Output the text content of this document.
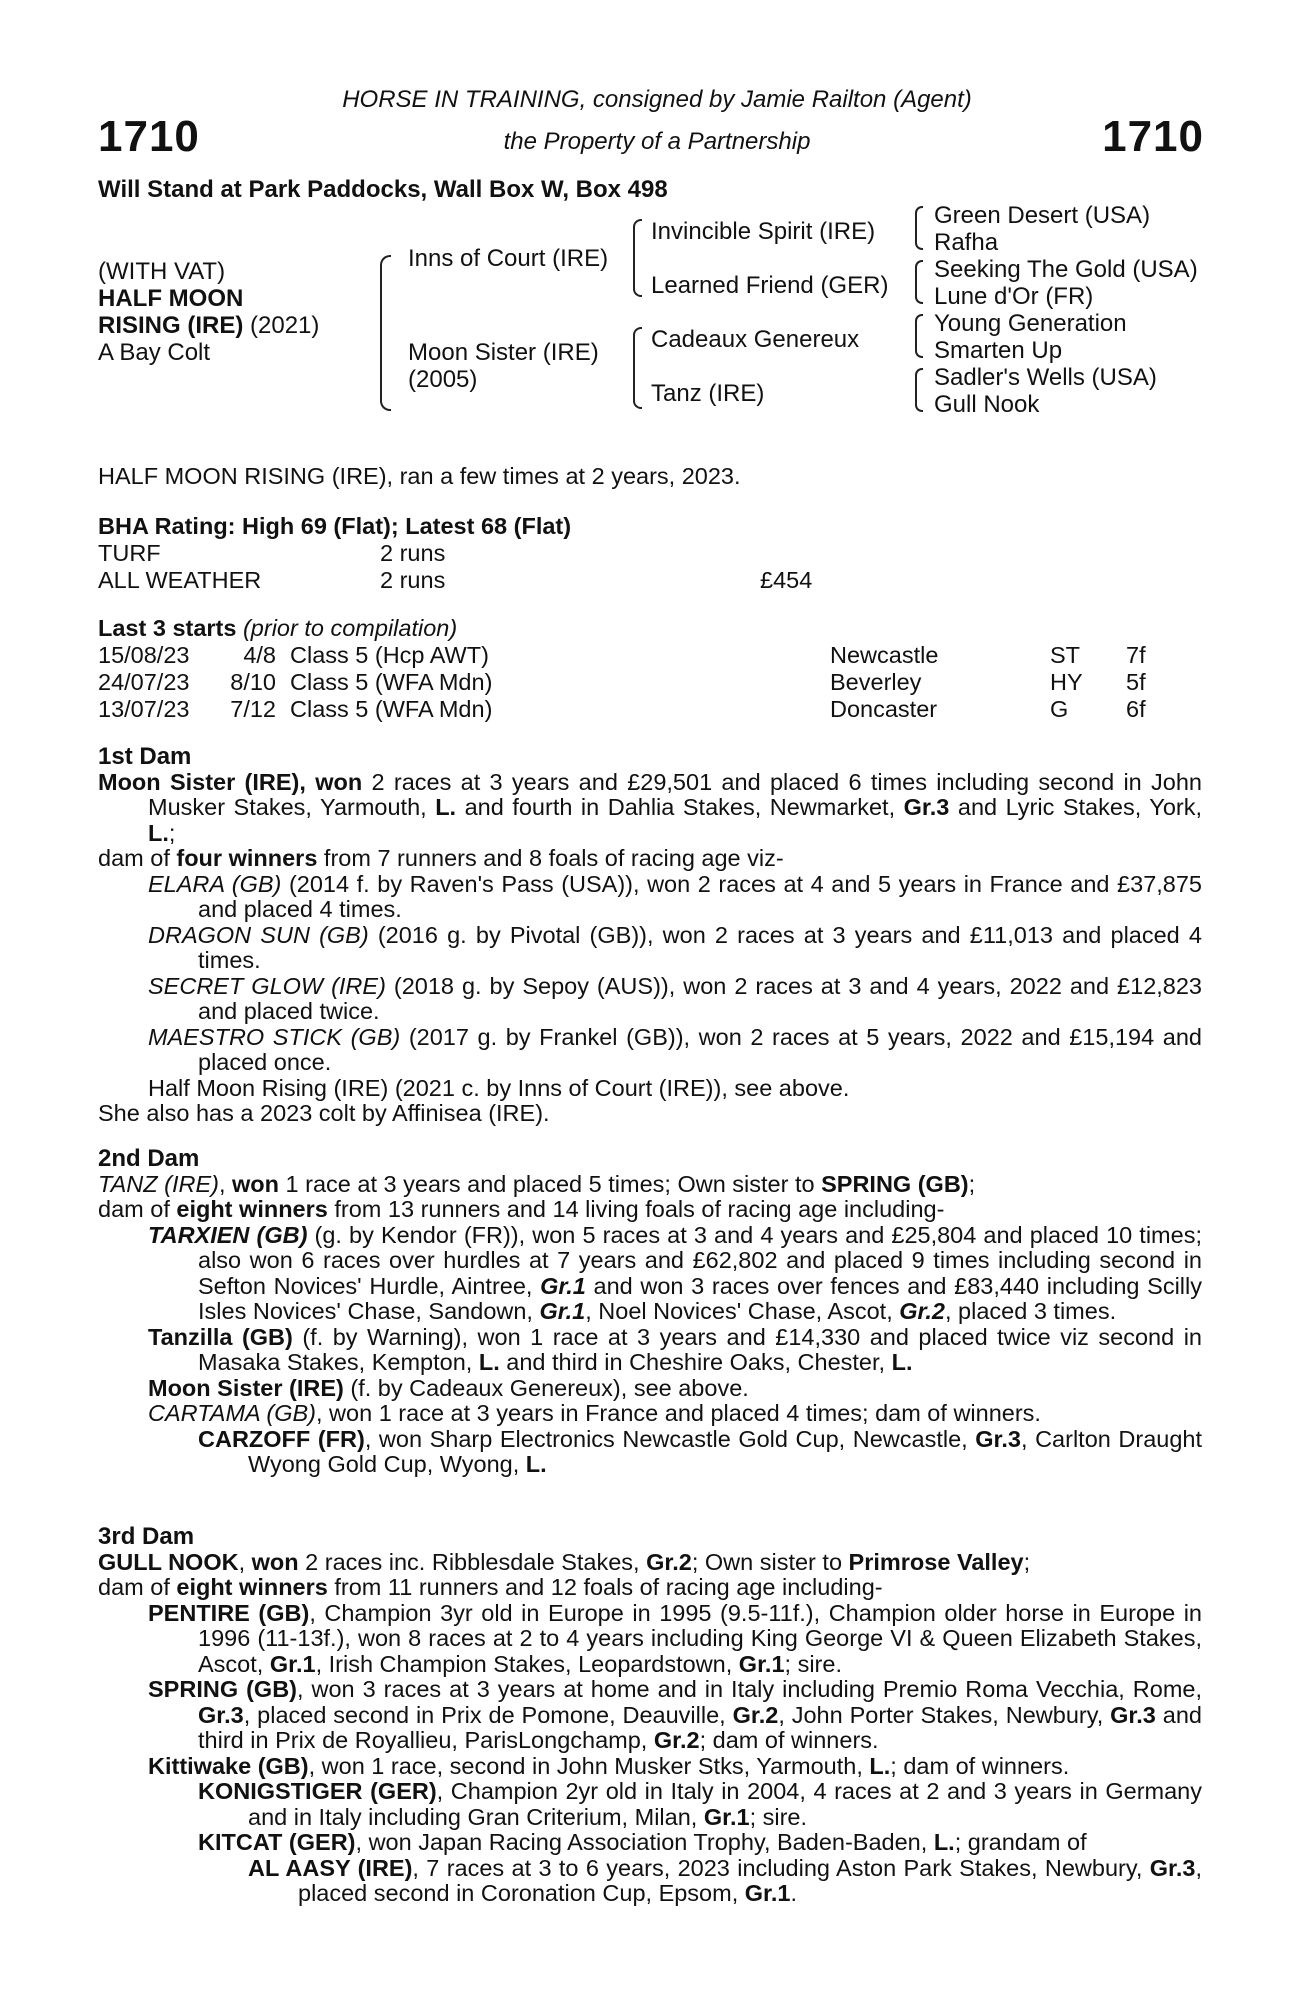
1710	1710
HORSE IN TRAINING, consigned by Jamie Railton (Agent)
the Property of a Partnership
Will Stand at Park Paddocks, Wall Box W, Box 498
(WITH VAT)
HALF MOON
RISING (IRE) (2021)
A Bay Colt
Inns of Court (IRE)
Moon Sister (IRE)
(2005)
Invincible Spirit (IRE)
Learned Friend (GER)
Cadeaux Genereux
Tanz (IRE)
Green Desert (USA)
Rafha
Seeking The Gold (USA)
Lune d'Or (FR)
Young Generation
Smarten Up
Sadler's Wells (USA)
Gull Nook
HALF MOON RISING (IRE), ran a few times at 2 years, 2023.
BHA Rating: High 69 (Flat); Latest 68 (Flat)
TURF	2 runs	
ALL WEATHER	2 runs	£454
Last 3 starts (prior to compilation)
15/08/23	4/8	Class 5 (Hcp AWT)	Newcastle	ST	7f
24/07/23	8/10	Class 5 (WFA Mdn)	Beverley	HY	5f
13/07/23	7/12	Class 5 (WFA Mdn)	Doncaster	G	6f

1st Dam

Moon Sister (IRE), won 2 races at 3 years and £29,501 and placed 6 times including second in John Musker Stakes, Yarmouth, L. and fourth in Dahlia Stakes, Newmarket, Gr.3 and Lyric Stakes, York, L.;

dam of four winners from 7 runners and 8 foals of racing age viz-

ELARA (GB) (2014 f. by Raven's Pass (USA)), won 2 races at 4 and 5 years in France and £37,875 and placed 4 times.

DRAGON SUN (GB) (2016 g. by Pivotal (GB)), won 2 races at 3 years and £11,013 and placed 4 times.

SECRET GLOW (IRE) (2018 g. by Sepoy (AUS)), won 2 races at 3 and 4 years, 2022 and £12,823 and placed twice.

MAESTRO STICK (GB) (2017 g. by Frankel (GB)), won 2 races at 5 years, 2022 and £15,194 and placed once.

Half Moon Rising (IRE) (2021 c. by Inns of Court (IRE)), see above.

She also has a 2023 colt by Affinisea (IRE).

2nd Dam

TANZ (IRE), won 1 race at 3 years and placed 5 times; Own sister to SPRING (GB);

dam of eight winners from 13 runners and 14 living foals of racing age including-

TARXIEN (GB) (g. by Kendor (FR)), won 5 races at 3 and 4 years and £25,804 and placed 10 times; also won 6 races over hurdles at 7 years and £62,802 and placed 9 times including second in Sefton Novices' Hurdle, Aintree, Gr.1 and won 3 races over fences and £83,440 including Scilly Isles Novices' Chase, Sandown, Gr.1, Noel Novices' Chase, Ascot, Gr.2, placed 3 times.

Tanzilla (GB) (f. by Warning), won 1 race at 3 years and £14,330 and placed twice viz second in Masaka Stakes, Kempton, L. and third in Cheshire Oaks, Chester, L.

Moon Sister (IRE) (f. by Cadeaux Genereux), see above.

CARTAMA (GB), won 1 race at 3 years in France and placed 4 times; dam of winners.

CARZOFF (FR), won Sharp Electronics Newcastle Gold Cup, Newcastle, Gr.3, Carlton Draught Wyong Gold Cup, Wyong, L.

3rd Dam

GULL NOOK, won 2 races inc. Ribblesdale Stakes, Gr.2; Own sister to Primrose Valley;

dam of eight winners from 11 runners and 12 foals of racing age including-

PENTIRE (GB), Champion 3yr old in Europe in 1995 (9.5-11f.), Champion older horse in Europe in 1996 (11-13f.), won 8 races at 2 to 4 years including King George VI & Queen Elizabeth Stakes, Ascot, Gr.1, Irish Champion Stakes, Leopardstown, Gr.1; sire.

SPRING (GB), won 3 races at 3 years at home and in Italy including Premio Roma Vecchia, Rome, Gr.3, placed second in Prix de Pomone, Deauville, Gr.2, John Porter Stakes, Newbury, Gr.3 and third in Prix de Royallieu, ParisLongchamp, Gr.2; dam of winners.

Kittiwake (GB), won 1 race, second in John Musker Stks, Yarmouth, L.; dam of winners.

KONIGSTIGER (GER), Champion 2yr old in Italy in 2004, 4 races at 2 and 3 years in Germany and in Italy including Gran Criterium, Milan, Gr.1; sire.

KITCAT (GER), won Japan Racing Association Trophy, Baden-Baden, L.; grandam of

AL AASY (IRE), 7 races at 3 to 6 years, 2023 including Aston Park Stakes, Newbury, Gr.3, placed second in Coronation Cup, Epsom, Gr.1.
